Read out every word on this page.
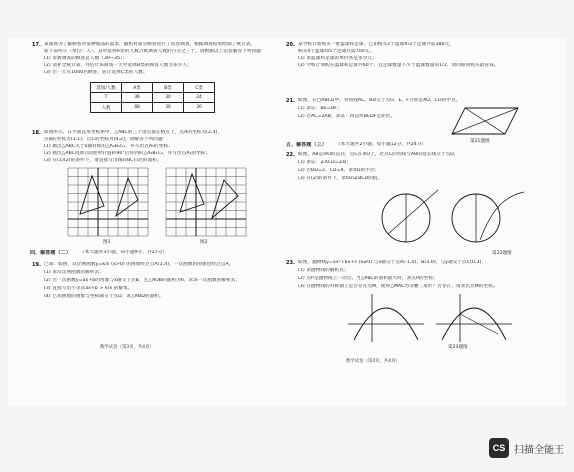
17. 某商场为了解顾客对某种商品的需求，随机对部分顾客进行了问卷调查，根据调查结果绘制了统计表，
如下表所示（单位：人），其中选择A类的人数占被调查人数的百分之三十，请根据以上信息解答下列问题：
(1) 求被调查的顾客总人数（30~35）；
(2) 请补全统计表，并估计该商场一天中选择B类的顾客人数为多少人；
(3) 若一天有1000名顾客，估计选择C类的人数。
选项/人数	A类	B类	C类
T	36	30	24
人数	48	30	30
18. 如图所示，在平面直角坐标系中，△ABC的三个顶点都在格点上，点A的坐标为(2,4)，
点B的坐标为(1,1)，点C的坐标为(4,2)，请解答下列问题：
(1) 画出△ABC关于x轴对称的△A₁B₁C₁，并写出点A₁的坐标；
(2) 画出△ABC绕原点O逆时针旋转90°后得到的△A₂B₂C₂，并写出点A₂的坐标；
(3) 在(1)(2)的条件下，请直接写出线段BC扫过的面积。
图1	图2
四、解答题（二） （本大题共3小题，每小题9分，共27分）
19. 已知：如图，反比例函数y=k/x (x>0) 的图象经过点A(1,4)，一次函数的图象也经过点A，
(1) 求反比例函数的解析式；
(2) 若一次函数y=ax+b的图象与x轴交于点B，且△AOB的面积为6，求该一次函数的解析式；
(3) 直接写出不等式ax+b > k/x 的解集。
(4) 已知函数的图象与坐标轴交于点D，求△ABD的面积。
数学试卷（第3页，共4页）
20. 某学校计划购买一批篮球和足球，已知购买2个篮球和3个足球共需380元，
购买4个篮球和5个足球共需700元。
(1) 求篮球和足球的单价各是多少元；
(2) 学校计划购买篮球和足球共60个，且足球数量不少于篮球数量的1/2，请问如何购买最省钱。
21. 如图，在□ABCD中，对角线AC、BD交于点O，E、F分别是AO、CO的中点。
(1) 求证：BE=DF；
(2) 若AC=2AB，求证：四边形BEDF是矩形。
第21题图
五、解答题（三） （本大题共2小题，每小题12分，共24分）
22. 如图，AB是⊙O的直径，点C在⊙O上，过点C的切线与AB的延长线交于点D，
(1) 求证：∠ACD=∠B；
(2) 若BD=2，CD=4，求⊙O的半径；
(3) 在(2)的条件下，求tan∠BCD的值。
第22题图
23. 如图，抛物线y=ax²+bx+c (a≠0) 与x轴交于点A(-1,0)、B(3,0)，与y轴交于点C(0,3)，
(1) 求抛物线的解析式；
(2) 点P是抛物线上一动点，当△PBC的面积最大时，求点P的坐标；
(3) 在抛物线的对称轴上是否存在点M，使得△MAC为等腰三角形？若存在，请求出点M的坐标。
第23题图
数学试卷（第4页，共4页）
CS 扫描全能王
